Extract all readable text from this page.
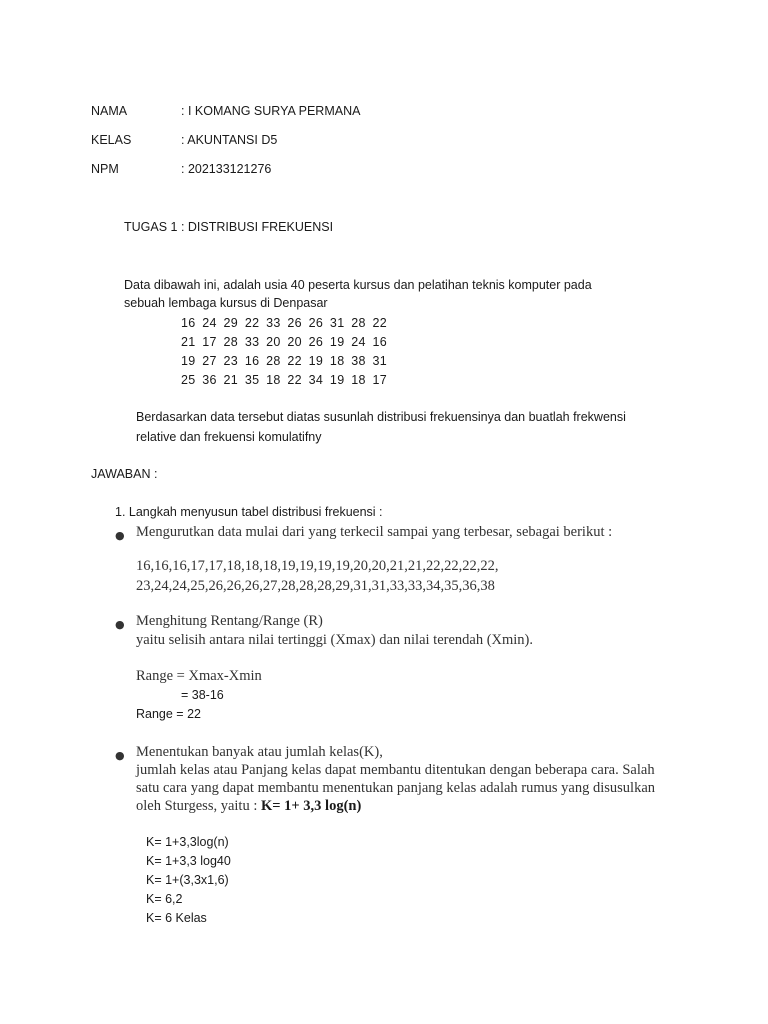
NAMA	: I KOMANG SURYA PERMANA
KELAS	: AKUNTANSI D5
NPM	: 202133121276
TUGAS 1 : DISTRIBUSI FREKUENSI
Data dibawah ini, adalah usia 40 peserta kursus dan pelatihan teknis komputer pada
sebuah lembaga kursus di Denpasar
16 24 29 22 33 26 26 31 28 22
21 17 28 33 20 20 26 19 24 16
19 27 23 16 28 22 19 18 38 31
25 36 21 35 18 22 34 19 18 17
Berdasarkan data tersebut diatas susunlah distribusi frekuensinya dan buatlah frekwensi
relative dan frekuensi komulatifny
JAWABAN :
1. Langkah menyusun tabel distribusi frekuensi :
● Mengurutkan data mulai dari yang terkecil sampai yang terbesar, sebagai berikut :
16,16,16,17,17,18,18,18,19,19,19,19,20,20,21,21,22,22,22,22,
23,24,24,25,26,26,26,27,28,28,28,29,31,31,33,33,34,35,36,38
● Menghitung Rentang/Range (R)
yaitu selisih antara nilai tertinggi (Xmax) dan nilai terendah (Xmin).
Range = Xmax-Xmin
= 38-16
Range = 22
● Menentukan banyak atau jumlah kelas(K),
jumlah kelas atau Panjang kelas dapat membantu ditentukan dengan beberapa cara. Salah
satu cara yang dapat membantu menentukan panjang kelas adalah rumus yang disusulkan
oleh Sturgess, yaitu : K= 1+ 3,3 log(n)
K= 1+3,3log(n)
K= 1+3,3 log40
K= 1+(3,3x1,6)
K= 6,2
K= 6 Kelas
